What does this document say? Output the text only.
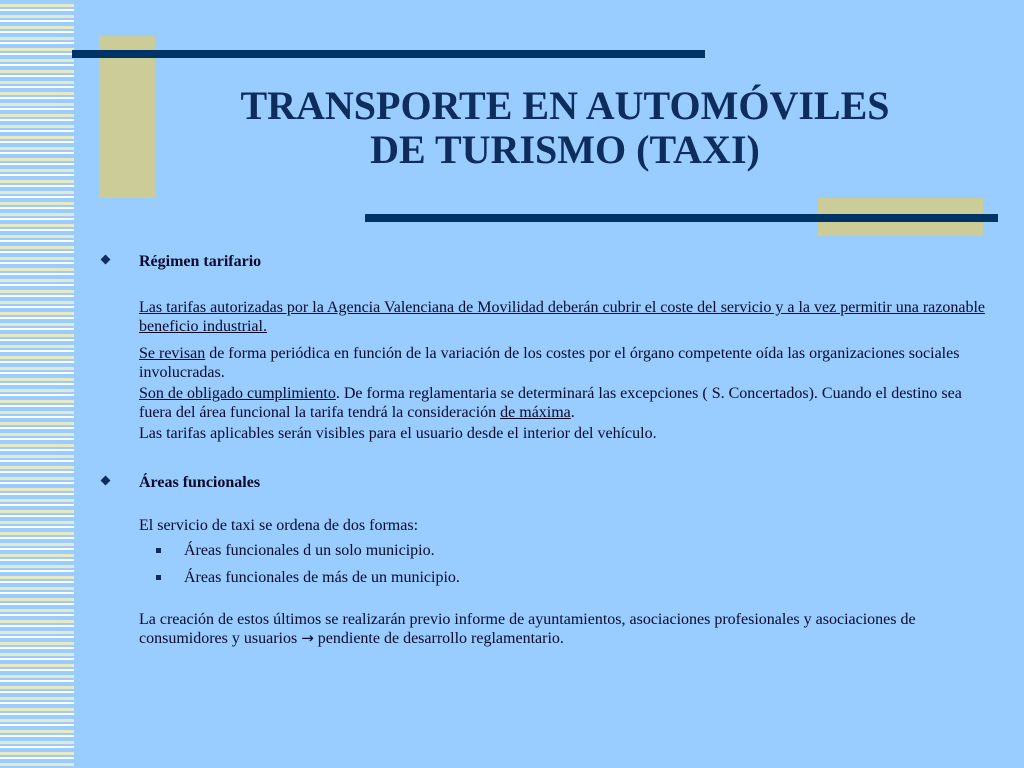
TRANSPORTE EN AUTOMÓVILES
DE TURISMO (TAXI)
Régimen tarifario
Las tarifas autorizadas por la Agencia Valenciana de Movilidad deberán cubrir el coste del servicio y a la vez permitir una razonable beneficio industrial.
Se revisan de forma periódica en función de la variación de los costes por el órgano competente oída las organizaciones sociales involucradas.
Son de obligado cumplimiento. De forma reglamentaria se determinará las excepciones ( S. Concertados). Cuando el destino sea fuera del área funcional la tarifa tendrá la consideración de máxima.
Las tarifas aplicables serán visibles para el usuario desde el interior del vehículo.
Áreas funcionales
El servicio de taxi se ordena de dos formas:
Áreas funcionales d un solo municipio.
Áreas funcionales de más de un municipio.
La creación de estos últimos se realizarán previo informe de ayuntamientos, asociaciones profesionales y asociaciones de consumidores y usuarios → pendiente de desarrollo reglamentario.
